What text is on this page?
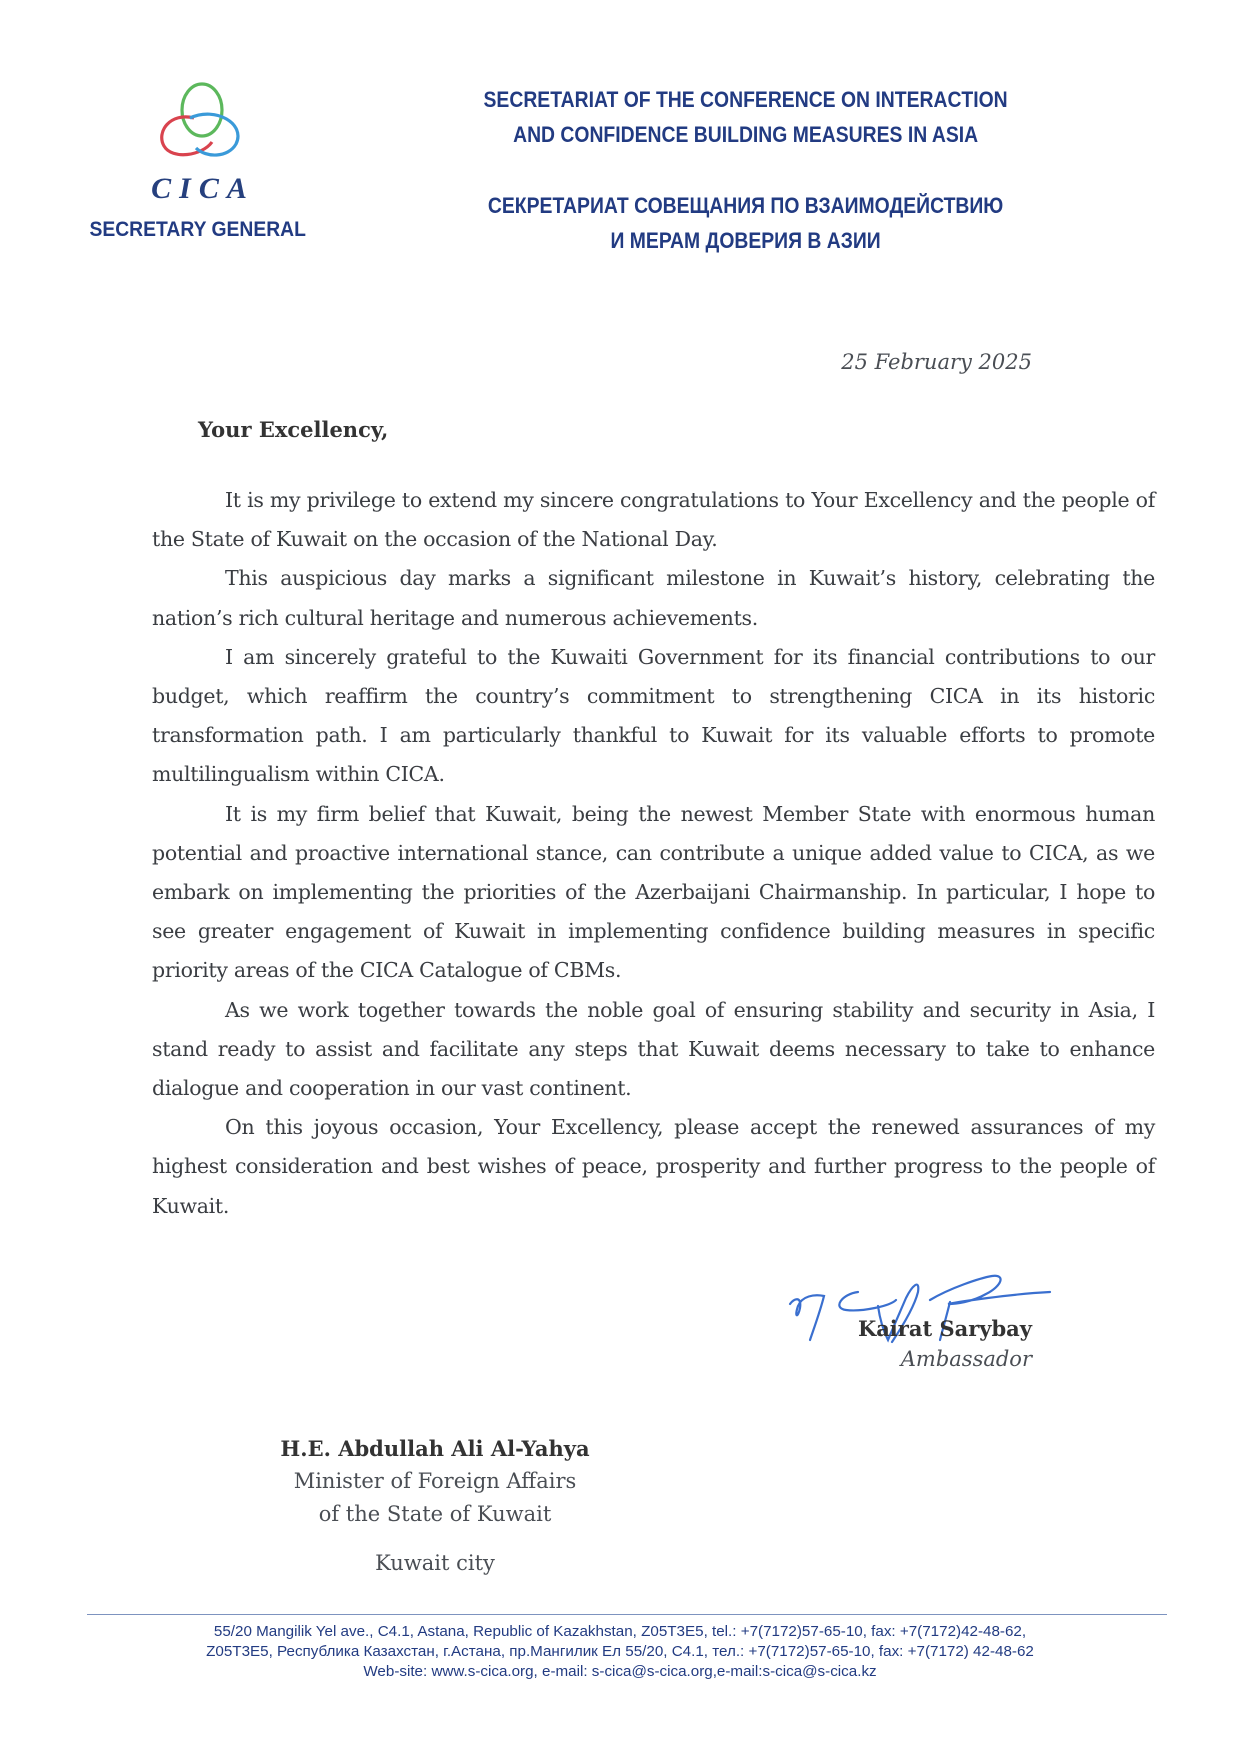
CICA
SECRETARY GENERAL
SECRETARIAT OF THE CONFERENCE ON INTERACTION
AND CONFIDENCE BUILDING MEASURES IN ASIA
СЕКРЕТАРИАТ СОВЕЩАНИЯ ПО ВЗАИМОДЕЙСТВИЮ
И МЕРАМ ДОВЕРИЯ В АЗИИ
25 February 2025
Your Excellency,

It is my privilege to extend my sincere congratulations to Your Excellency and the people of the State of Kuwait on the occasion of the National Day.

This auspicious day marks a significant milestone in Kuwait’s history, celebrating the nation’s rich cultural heritage and numerous achievements.

I am sincerely grateful to the Kuwaiti Government for its financial contributions to our budget, which reaffirm the country’s commitment to strengthening CICA in its historic transformation path. I am particularly thankful to Kuwait for its valuable efforts to promote multilingualism within CICA.

It is my firm belief that Kuwait, being the newest Member State with enormous human potential and proactive international stance, can contribute a unique added value to CICA, as we embark on implementing the priorities of the Azerbaijani Chairmanship. In particular, I hope to see greater engagement of Kuwait in implementing confidence building measures in specific priority areas of the CICA Catalogue of CBMs.

As we work together towards the noble goal of ensuring stability and security in Asia, I stand ready to assist and facilitate any steps that Kuwait deems necessary to take to enhance dialogue and cooperation in our vast continent.

On this joyous occasion, Your Excellency, please accept the renewed assurances of my highest consideration and best wishes of peace, prosperity and further progress to the people of Kuwait.

Kairat Sarybay
Ambassador
H.E. Abdullah Ali Al-Yahya
Minister of Foreign Affairs
of the State of Kuwait
Kuwait city
55/20 Mangilik Yel ave., C4.1, Astana, Republic of Kazakhstan, Z05T3E5, tel.: +7(7172)57-65-10, fax: +7(7172)42-48-62,
Z05T3E5, Республика Казахстан, г.Астана, пр.Мангилик Ел 55/20, C4.1, тел.: +7(7172)57-65-10, fax: +7(7172) 42-48-62
Web-site: www.s-cica.org, e-mail: s-cica@s-cica.org,e-mail:s-cica@s-cica.kz
